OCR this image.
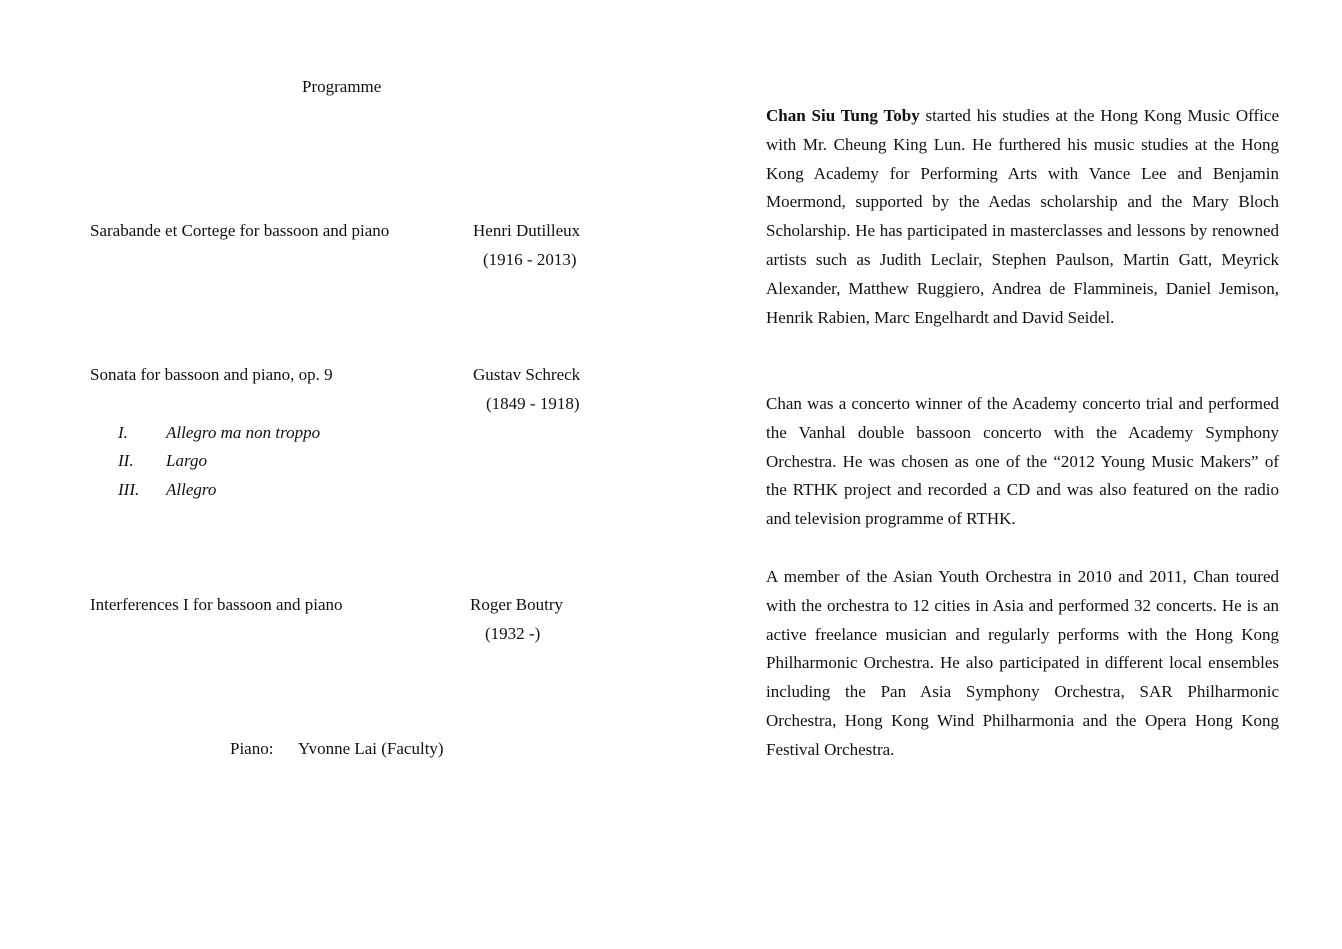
Programme
Sarabande et Cortege for bassoon and piano	Henri Dutilleux
(1916 - 2013)
Sonata for bassoon and piano, op. 9	Gustav Schreck
(1849 - 1918)
I. Allegro ma non troppo
II. Largo
III. Allegro
Interferences I for bassoon and piano	Roger Boutry
(1932 -)
Piano: Yvonne Lai (Faculty)
Chan Siu Tung Toby started his studies at the Hong Kong Music Office with Mr. Cheung King Lun. He furthered his music studies at the Hong Kong Academy for Performing Arts with Vance Lee and Benjamin Moermond, supported by the Aedas scholarship and the Mary Bloch Scholarship. He has participated in masterclasses and lessons by renowned artists such as Judith Leclair, Stephen Paulson, Martin Gatt, Meyrick Alexander, Matthew Ruggiero, Andrea de Flammineis, Daniel Jemison, Henrik Rabien, Marc Engelhardt and David Seidel.
Chan was a concerto winner of the Academy concerto trial and performed the Vanhal double bassoon concerto with the Academy Symphony Orchestra. He was chosen as one of the “2012 Young Music Makers” of the RTHK project and recorded a CD and was also featured on the radio and television programme of RTHK.
A member of the Asian Youth Orchestra in 2010 and 2011, Chan toured with the orchestra to 12 cities in Asia and performed 32 concerts. He is an active freelance musician and regularly performs with the Hong Kong Philharmonic Orchestra. He also participated in different local ensembles including the Pan Asia Symphony Orchestra, SAR Philharmonic Orchestra, Hong Kong Wind Philharmonia and the Opera Hong Kong Festival Orchestra.
